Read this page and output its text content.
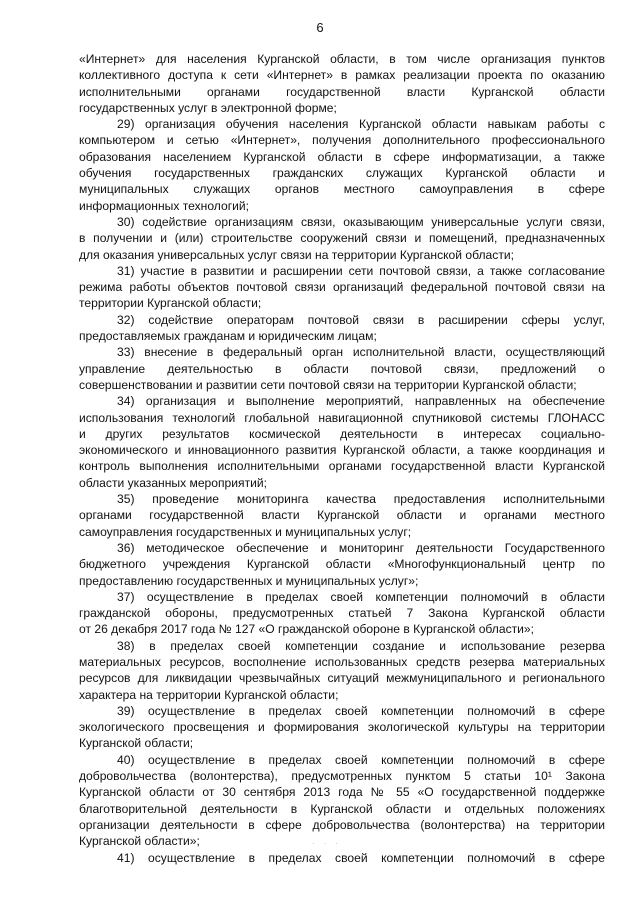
6
«Интернет» для населения Курганской области, в том числе организация пунктов
коллективного доступа к сети «Интернет» в рамках реализации проекта по оказанию
исполнительными органами государственной власти Курганской области
государственных услуг в электронной форме;
29) организация обучения населения Курганской области навыкам работы с
компьютером и сетью «Интернет», получения дополнительного профессионального
образования населением Курганской области в сфере информатизации, а также
обучения государственных гражданских служащих Курганской области и
муниципальных служащих органов местного самоуправления в сфере
информационных технологий;
30) содействие организациям связи, оказывающим универсальные услуги связи,
в получении и (или) строительстве сооружений связи и помещений, предназначенных
для оказания универсальных услуг связи на территории Курганской области;
31) участие в развитии и расширении сети почтовой связи, а также согласование
режима работы объектов почтовой связи организаций федеральной почтовой связи на
территории Курганской области;
32) содействие операторам почтовой связи в расширении сферы услуг,
предоставляемых гражданам и юридическим лицам;
33) внесение в федеральный орган исполнительной власти, осуществляющий
управление деятельностью в области почтовой связи, предложений о
совершенствовании и развитии сети почтовой связи на территории Курганской области;
34) организация и выполнение мероприятий, направленных на обеспечение
использования технологий глобальной навигационной спутниковой системы ГЛОНАСС
и других результатов космической деятельности в интересах социально-
экономического и инновационного развития Курганской области, а также координация и
контроль выполнения исполнительными органами государственной власти Курганской
области указанных мероприятий;
35) проведение мониторинга качества предоставления исполнительными
органами государственной власти Курганской области и органами местного
самоуправления государственных и муниципальных услуг;
36) методическое обеспечение и мониторинг деятельности Государственного
бюджетного учреждения Курганской области «Многофункциональный центр по
предоставлению государственных и муниципальных услуг»;
37) осуществление в пределах своей компетенции полномочий в области
гражданской обороны, предусмотренных статьей 7 Закона Курганской области
от 26 декабря 2017 года № 127 «О гражданской обороне в Курганской области»;
38) в пределах своей компетенции создание и использование резерва
материальных ресурсов, восполнение использованных средств резерва материальных
ресурсов для ликвидации чрезвычайных ситуаций межмуниципального и регионального
характера на территории Курганской области;
39) осуществление в пределах своей компетенции полномочий в сфере
экологического просвещения и формирования экологической культуры на территории
Курганской области;
40) осуществление в пределах своей компетенции полномочий в сфере
добровольчества (волонтерства), предусмотренных пунктом 5 статьи 10¹ Закона
Курганской области от 30 сентября 2013 года № 55 «О государственной поддержке
благотворительной деятельности в Курганской области и отдельных положениях
организации деятельности в сфере добровольчества (волонтерства) на территории
Курганской области»;
41) осуществление в пределах своей компетенции полномочий в сфере
· · ·
